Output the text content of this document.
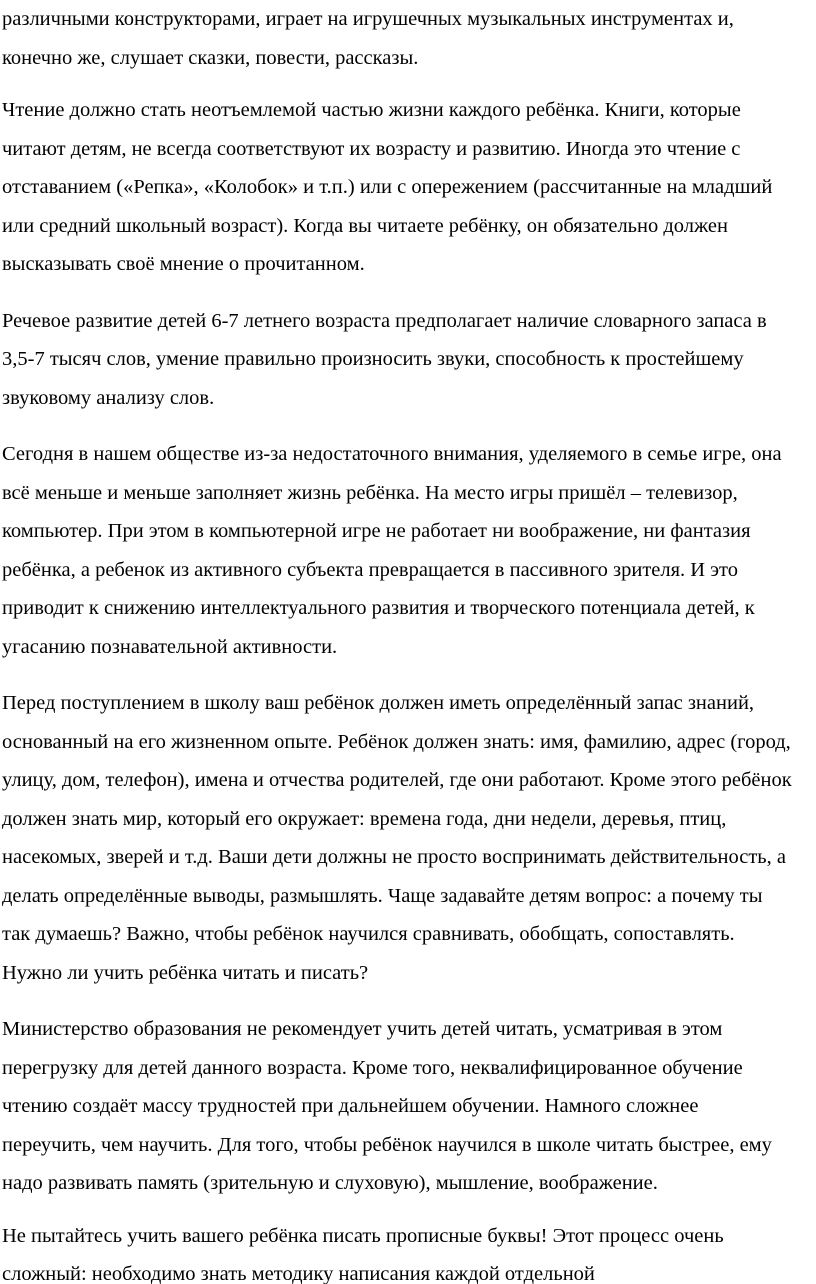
различными конструкторами, играет на игрушечных музыкальных инструментах и, конечно же, слушает сказки, повести, рассказы.

Чтение должно стать неотъемлемой частью жизни каждого ребёнка. Книги, которые читают детям, не всегда соответствуют их возрасту и развитию. Иногда это чтение с отставанием («Репка», «Колобок» и т.п.) или с опережением (рассчитанные на младший или средний школьный возраст). Когда вы читаете ребёнку, он обязательно должен высказывать своё мнение о прочитанном.

Речевое развитие детей 6-7 летнего возраста предполагает наличие словарного запаса в 3,5-7 тысяч слов, умение правильно произносить звуки, способность к простейшему звуковому анализу слов.

Сегодня в нашем обществе из-за недостаточного внимания, уделяемого в семье игре, она всё меньше и меньше заполняет жизнь ребёнка. На место игры пришёл – телевизор, компьютер. При этом в компьютерной игре не работает ни воображение, ни фантазия ребёнка, а ребенок из активного субъекта превращается в пассивного зрителя. И это приводит к снижению интеллектуального развития и творческого потенциала детей, к угасанию познавательной активности.

Перед поступлением в школу ваш ребёнок должен иметь определённый запас знаний, основанный на его жизненном опыте. Ребёнок должен знать: имя, фамилию, адрес (город, улицу, дом, телефон), имена и отчества родителей, где они работают. Кроме этого ребёнок должен знать мир, который его окружает: времена года, дни недели, деревья, птиц, насекомых, зверей и т.д. Ваши дети должны не просто воспринимать действительность, а делать определённые выводы, размышлять. Чаще задавайте детям вопрос: а почему ты так думаешь? Важно, чтобы ребёнок научился сравнивать, обобщать, сопоставлять. Нужно ли учить ребёнка читать и писать?

Министерство образования не рекомендует учить детей читать, усматривая в этом перегрузку для детей данного возраста. Кроме того, неквалифицированное обучение чтению создаёт массу трудностей при дальнейшем обучении. Намного сложнее переучить, чем научить. Для того, чтобы ребёнок научился в школе читать быстрее, ему надо развивать память (зрительную и слуховую), мышление, воображение.

Не пытайтесь учить вашего ребёнка писать прописные буквы! Этот процесс очень сложный: необходимо знать методику написания каждой отдельной
